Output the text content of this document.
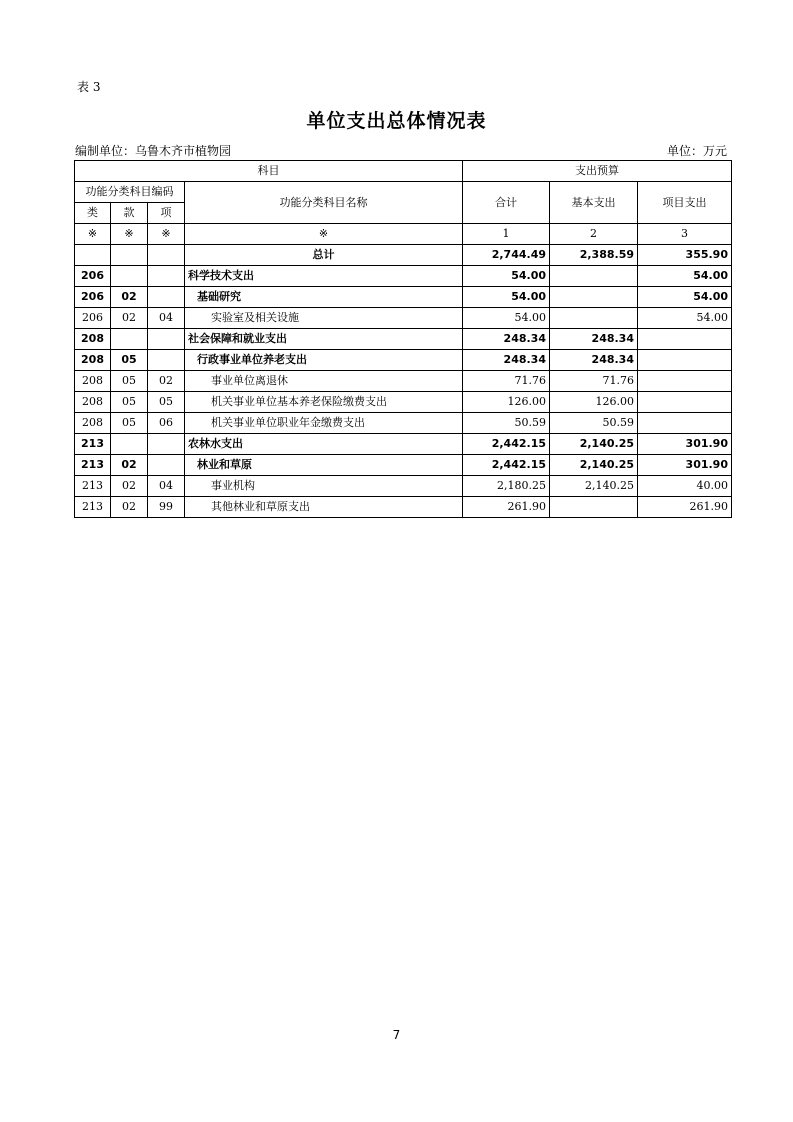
表 3
单位支出总体情况表
编制单位：乌鲁木齐市植物园	单位：万元
科目				支出预算		
功能分类科目编码			功能分类科目名称	合计	基本支出	项目支出
类	款	项				
※	※	※	※	1	2	3
			总计	2,744.49	2,388.59	355.90
206			科学技术支出	54.00		54.00
206	02		基础研究	54.00		54.00
206	02	04	实验室及相关设施	54.00		54.00
208			社会保障和就业支出	248.34	248.34	
208	05		行政事业单位养老支出	248.34	248.34	
208	05	02	事业单位离退休	71.76	71.76	
208	05	05	机关事业单位基本养老保险缴费支出	126.00	126.00	
208	05	06	机关事业单位职业年金缴费支出	50.59	50.59	
213			农林水支出	2,442.15	2,140.25	301.90
213	02		林业和草原	2,442.15	2,140.25	301.90
213	02	04	事业机构	2,180.25	2,140.25	40.00
213	02	99	其他林业和草原支出	261.90		261.90
7
